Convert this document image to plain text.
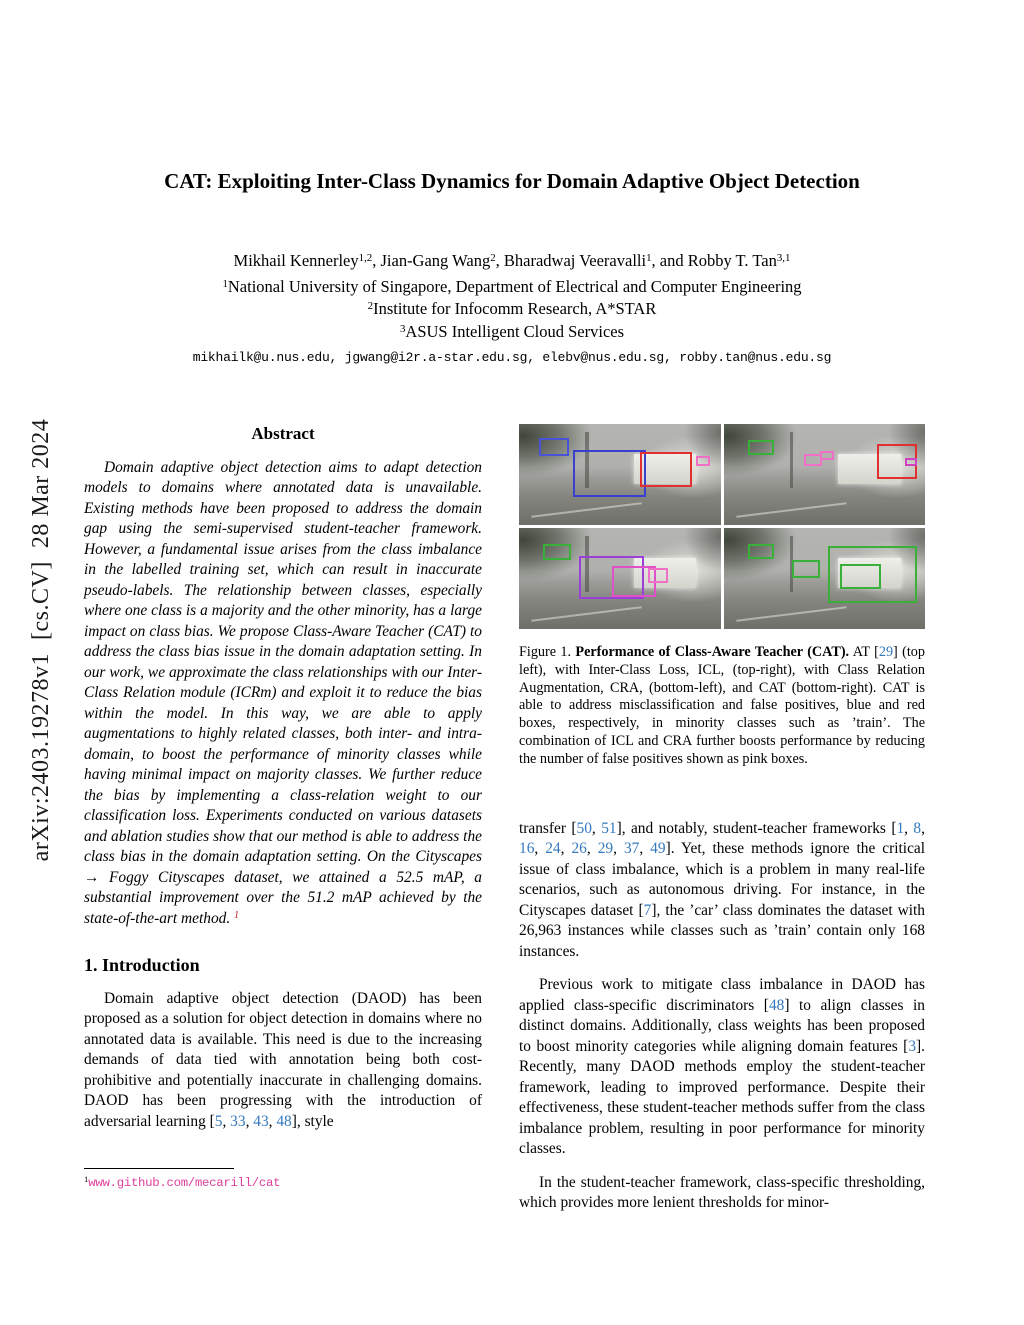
arXiv:2403.19278v1  [cs.CV]  28 Mar 2024
CAT: Exploiting Inter-Class Dynamics for Domain Adaptive Object Detection
Mikhail Kennerley$^{1,2}$, Jian-Gang Wang$^2$, Bharadwaj Veeravalli$^1$, and Robby T. Tan$^{3,1}$
$^1$National University of Singapore, Department of Electrical and Computer Engineering
$^2$Institute for Infocomm Research, A*STAR
$^3$ASUS Intelligent Cloud Services
mikhailk@u.nus.edu, jgwang@i2r.a-star.edu.sg, elebv@nus.edu.sg, robby.tan@nus.edu.sg
Abstract
Domain adaptive object detection aims to adapt detection models to domains where annotated data is unavailable. Existing methods have been proposed to address the domain gap using the semi-supervised student-teacher framework. However, a fundamental issue arises from the class imbalance in the labelled training set, which can result in inaccurate pseudo-labels. The relationship between classes, especially where one class is a majority and the other minority, has a large impact on class bias. We propose Class-Aware Teacher (CAT) to address the class bias issue in the domain adaptation setting. In our work, we approximate the class relationships with our Inter-Class Relation module (ICRm) and exploit it to reduce the bias within the model. In this way, we are able to apply augmentations to highly related classes, both inter- and intra-domain, to boost the performance of minority classes while having minimal impact on majority classes. We further reduce the bias by implementing a class-relation weight to our classification loss. Experiments conducted on various datasets and ablation studies show that our method is able to address the class bias in the domain adaptation setting. On the Cityscapes → Foggy Cityscapes dataset, we attained a 52.5 mAP, a substantial improvement over the 51.2 mAP achieved by the state-of-the-art method. $^1$
1. Introduction
Domain adaptive object detection (DAOD) has been proposed as a solution for object detection in domains where no annotated data is available. This need is due to the increasing demands of data tied with annotation being both cost-prohibitive and potentially inaccurate in challenging domains. DAOD has been progressing with the introduction of adversarial learning [5, 33, 43, 48], style
Figure 1. Performance of Class-Aware Teacher (CAT). AT [29] (top left), with Inter-Class Loss, ICL, (top-right), with Class Relation Augmentation, CRA, (bottom-left), and CAT (bottom-right). CAT is able to address misclassification and false positives, blue and red boxes, respectively, in minority classes such as ’train’. The combination of ICL and CRA further boosts performance by reducing the number of false positives shown as pink boxes.
transfer [50, 51], and notably, student-teacher frameworks [1, 8, 16, 24, 26, 29, 37, 49]. Yet, these methods ignore the critical issue of class imbalance, which is a problem in many real-life scenarios, such as autonomous driving. For instance, in the Cityscapes dataset [7], the ’car’ class dominates the dataset with 26,963 instances while classes such as ’train’ contain only 168 instances.
Previous work to mitigate class imbalance in DAOD has applied class-specific discriminators [48] to align classes in distinct domains. Additionally, class weights has been proposed to boost minority categories while aligning domain features [3]. Recently, many DAOD methods employ the student-teacher framework, leading to improved performance. Despite their effectiveness, these student-teacher methods suffer from the class imbalance problem, resulting in poor performance for minority classes.
In the student-teacher framework, class-specific thresholding, which provides more lenient thresholds for minor-
$^1$www.github.com/mecarill/cat
